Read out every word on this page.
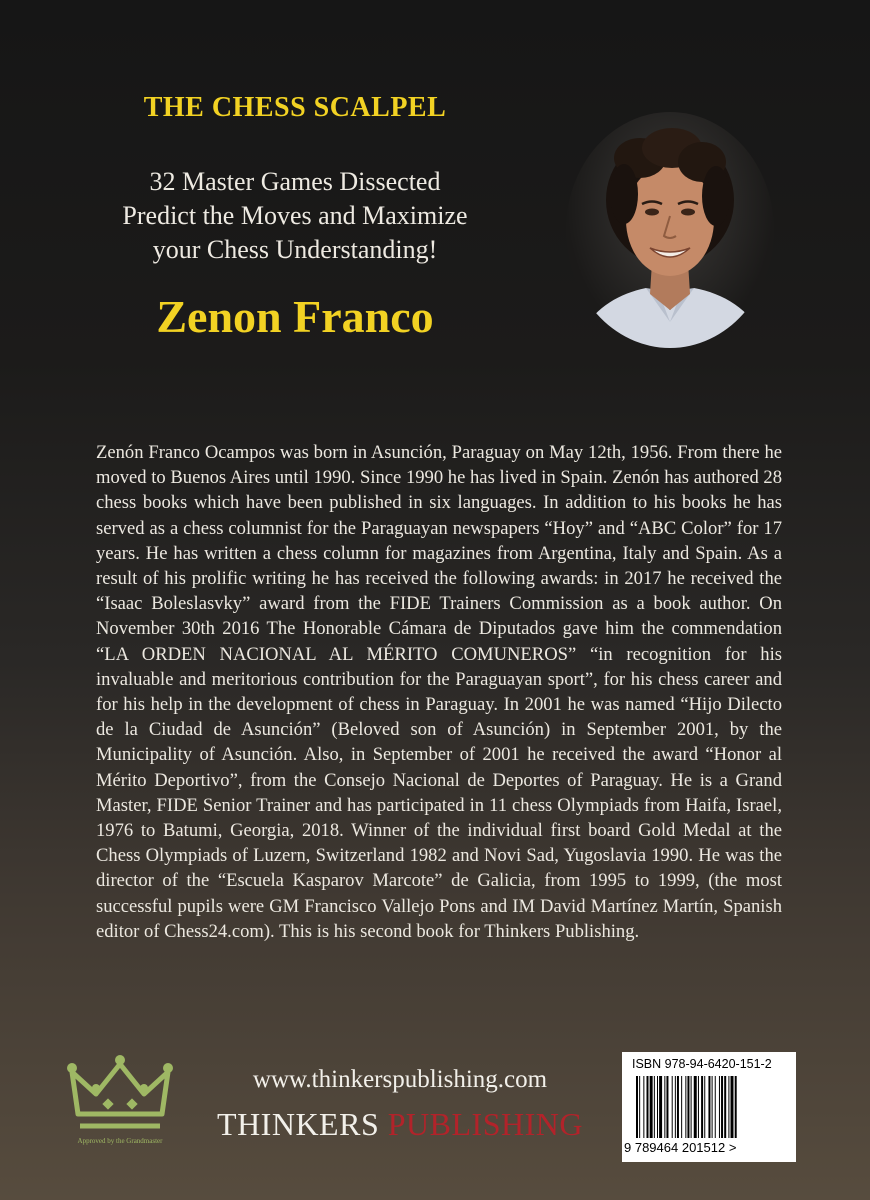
THE CHESS SCALPEL
32 Master Games Dissected
Predict the Moves and Maximize
your Chess Understanding!
Zenon Franco
Zenón Franco Ocampos was born in Asunción, Paraguay on May 12th, 1956. From there he moved to Buenos Aires until 1990. Since 1990 he has lived in Spain. Zenón has authored 28 chess books which have been published in six languages. In addition to his books he has served as a chess columnist for the Paraguayan newspapers “Hoy” and “ABC Color” for 17 years. He has written a chess column for magazines from Argentina, Italy and Spain. As a result of his prolific writing he has received the following awards: in 2017 he received the “Isaac Boleslasvky” award from the FIDE Trainers Commission as a book author. On November 30th 2016 The Honorable Cámara de Diputados gave him the commendation “LA ORDEN NACIONAL AL MÉRITO COMUNEROS” “in recognition for his invaluable and meritorious contribution for the Paraguayan sport”, for his chess career and for his help in the development of chess in Paraguay. In 2001 he was named “Hijo Dilecto de la Ciudad de Asunción” (Beloved son of Asunción) in September 2001, by the Municipality of Asunción. Also, in September of 2001 he received the award “Honor al Mérito Deportivo”, from the Consejo Nacional de Deportes of Paraguay. He is a Grand Master, FIDE Senior Trainer and has participated in 11 chess Olympiads from Haifa, Israel, 1976 to Batumi, Georgia, 2018. Winner of the individual first board Gold Medal at the Chess Olympiads of Luzern, Switzerland 1982 and Novi Sad, Yugoslavia 1990. He was the director of the “Escuela Kasparov Marcote” de Galicia, from 1995 to 1999, (the most successful pupils were GM Francisco Vallejo Pons and IM David Martínez Martín, Spanish editor of Chess24.com). This is his second book for Thinkers Publishing.
Approved by the Grandmaster
www.thinkerspublishing.com
THINKERS PUBLISHING
ISBN 978-94-6420-151-2
9 789464 201512 >
